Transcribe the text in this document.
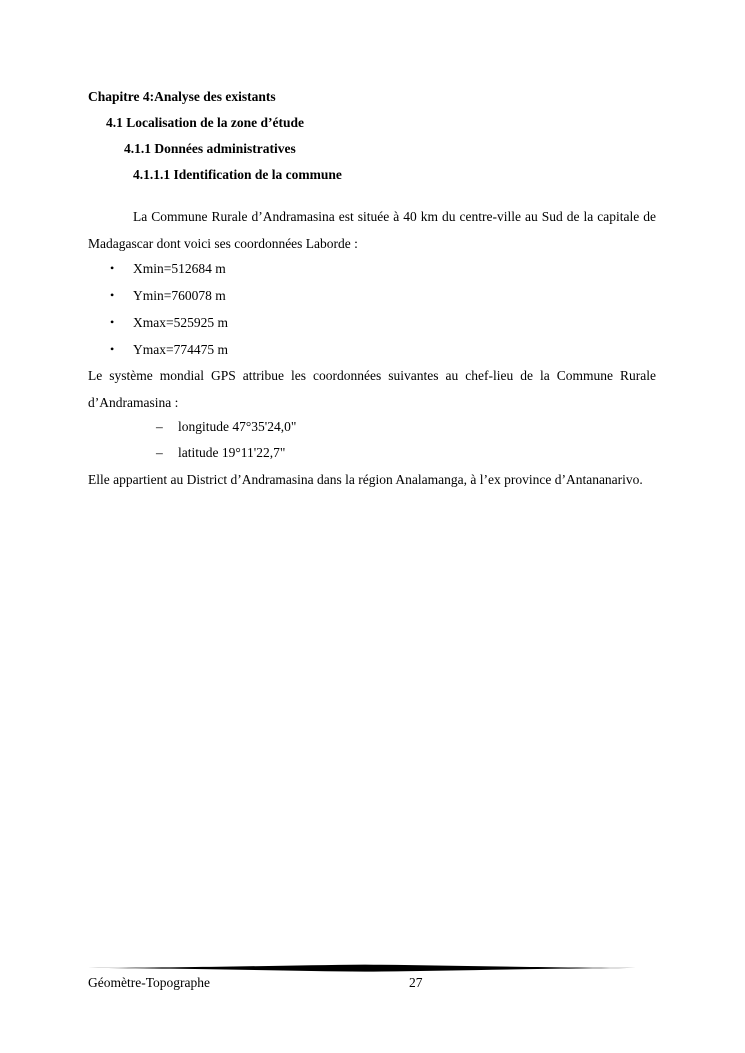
Chapitre 4:Analyse des existants
4.1 Localisation de la zone d’étude
4.1.1 Données administratives
4.1.1.1 Identification de la commune

La Commune Rurale d’Andramasina est située à 40 km du centre-ville au Sud de la capitale de Madagascar dont voici ses coordonnées Laborde :

• Xmin=512684 m
• Ymin=760078 m
• Xmax=525925 m
• Ymax=774475 m

Le système mondial GPS attribue les coordonnées suivantes au chef-lieu de la Commune Rurale d’Andramasina :

– longitude 47°35'24,0"
– latitude 19°11'22,7"

Elle appartient au District d’Andramasina dans la région Analamanga, à l’ex province d’Antananarivo.

Géomètre-Topographe	27
